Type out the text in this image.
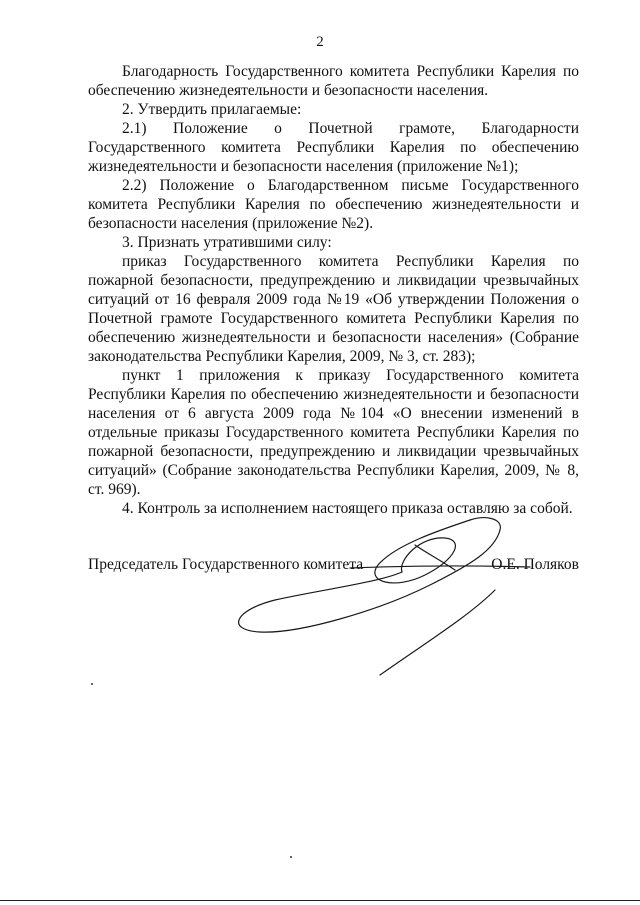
2

Благодарность Государственного комитета Республики Карелия по обеспечению жизнедеятельности и безопасности населения.

2. Утвердить прилагаемые:

2.1) Положение о Почетной грамоте, Благодарности Государственного комитета Республики Карелия по обеспечению жизнедеятельности и безопасности населения (приложение №1);

2.2) Положение о Благодарственном письме Государственного комитета Республики Карелия по обеспечению жизнедеятельности и безопасности населения (приложение №2).

3. Признать утратившими силу:

приказ Государственного комитета Республики Карелия по пожарной безопасности, предупреждению и ликвидации чрезвычайных ситуаций от 16 февраля 2009 года №19 «Об утверждении Положения о Почетной грамоте Государственного комитета Республики Карелия по обеспечению жизнедеятельности и безопасности населения» (Собрание законодательства Республики Карелия, 2009, № 3, ст. 283);

пункт 1 приложения к приказу Государственного комитета Республики Карелия по обеспечению жизнедеятельности и безопасности населения от 6 августа 2009 года №104 «О внесении изменений в отдельные приказы Государственного комитета Республики Карелия по пожарной безопасности, предупреждению и ликвидации чрезвычайных ситуаций» (Собрание законодательства Республики Карелия, 2009, № 8, ст. 969).

4. Контроль за исполнением настоящего приказа оставляю за собой.

Председатель Государственного комитета	О.Е. Поляков
